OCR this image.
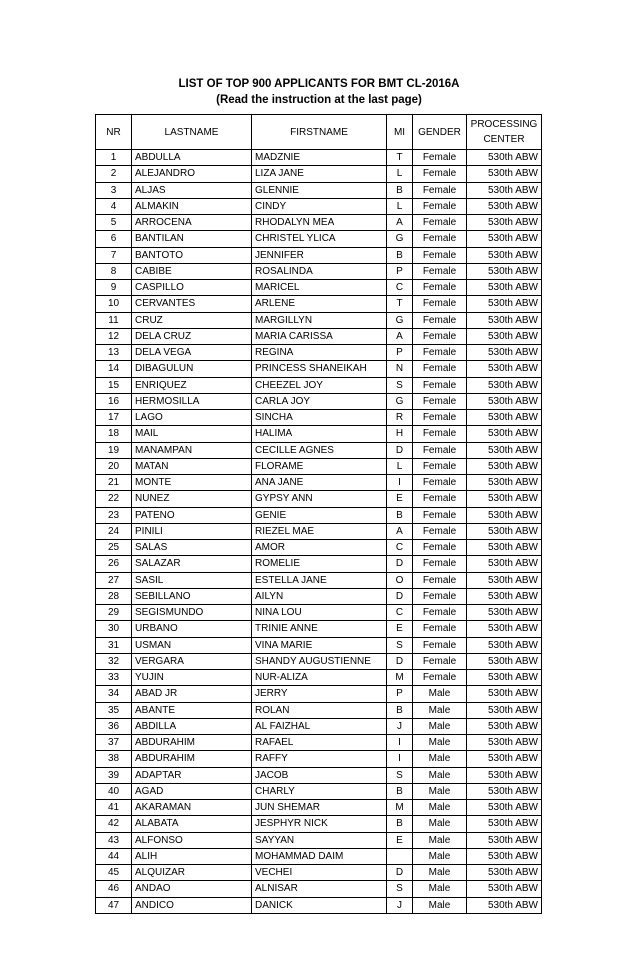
LIST OF TOP 900 APPLICANTS FOR BMT CL-2016A
(Read the instruction at the last page)
NR	LASTNAME	FIRSTNAME	MI	GENDER	PROCESSING
CENTER

1	ABDULLA	MADZNIE	T	Female	530th ABW
2	ALEJANDRO	LIZA JANE	L	Female	530th ABW
3	ALJAS	GLENNIE	B	Female	530th ABW
4	ALMAKIN	CINDY	L	Female	530th ABW
5	ARROCENA	RHODALYN MEA	A	Female	530th ABW
6	BANTILAN	CHRISTEL YLICA	G	Female	530th ABW
7	BANTOTO	JENNIFER	B	Female	530th ABW
8	CABIBE	ROSALINDA	P	Female	530th ABW
9	CASPILLO	MARICEL	C	Female	530th ABW
10	CERVANTES	ARLENE	T	Female	530th ABW
11	CRUZ	MARGILLYN	G	Female	530th ABW
12	DELA CRUZ	MARIA CARISSA	A	Female	530th ABW
13	DELA VEGA	REGINA	P	Female	530th ABW
14	DIBAGULUN	PRINCESS SHANEIKAH	N	Female	530th ABW
15	ENRIQUEZ	CHEEZEL JOY	S	Female	530th ABW
16	HERMOSILLA	CARLA JOY	G	Female	530th ABW
17	LAGO	SINCHA	R	Female	530th ABW
18	MAIL	HALIMA	H	Female	530th ABW
19	MANAMPAN	CECILLE AGNES	D	Female	530th ABW
20	MATAN	FLORAME	L	Female	530th ABW
21	MONTE	ANA JANE	I	Female	530th ABW
22	NUNEZ	GYPSY ANN	E	Female	530th ABW
23	PATENO	GENIE	B	Female	530th ABW
24	PINILI	RIEZEL MAE	A	Female	530th ABW
25	SALAS	AMOR	C	Female	530th ABW
26	SALAZAR	ROMELIE	D	Female	530th ABW
27	SASIL	ESTELLA JANE	O	Female	530th ABW
28	SEBILLANO	AILYN	D	Female	530th ABW
29	SEGISMUNDO	NINA LOU	C	Female	530th ABW
30	URBANO	TRINIE ANNE	E	Female	530th ABW
31	USMAN	VINA MARIE	S	Female	530th ABW
32	VERGARA	SHANDY AUGUSTIENNE	D	Female	530th ABW
33	YUJIN	NUR-ALIZA	M	Female	530th ABW
34	ABAD JR	JERRY	P	Male	530th ABW
35	ABANTE	ROLAN	B	Male	530th ABW
36	ABDILLA	AL FAIZHAL	J	Male	530th ABW
37	ABDURAHIM	RAFAEL	I	Male	530th ABW
38	ABDURAHIM	RAFFY	I	Male	530th ABW
39	ADAPTAR	JACOB	S	Male	530th ABW
40	AGAD	CHARLY	B	Male	530th ABW
41	AKARAMAN	JUN SHEMAR	M	Male	530th ABW
42	ALABATA	JESPHYR NICK	B	Male	530th ABW
43	ALFONSO	SAYYAN	E	Male	530th ABW
44	ALIH	MOHAMMAD DAIM		Male	530th ABW
45	ALQUIZAR	VECHEI	D	Male	530th ABW
46	ANDAO	ALNISAR	S	Male	530th ABW
47	ANDICO	DANICK	J	Male	530th ABW
